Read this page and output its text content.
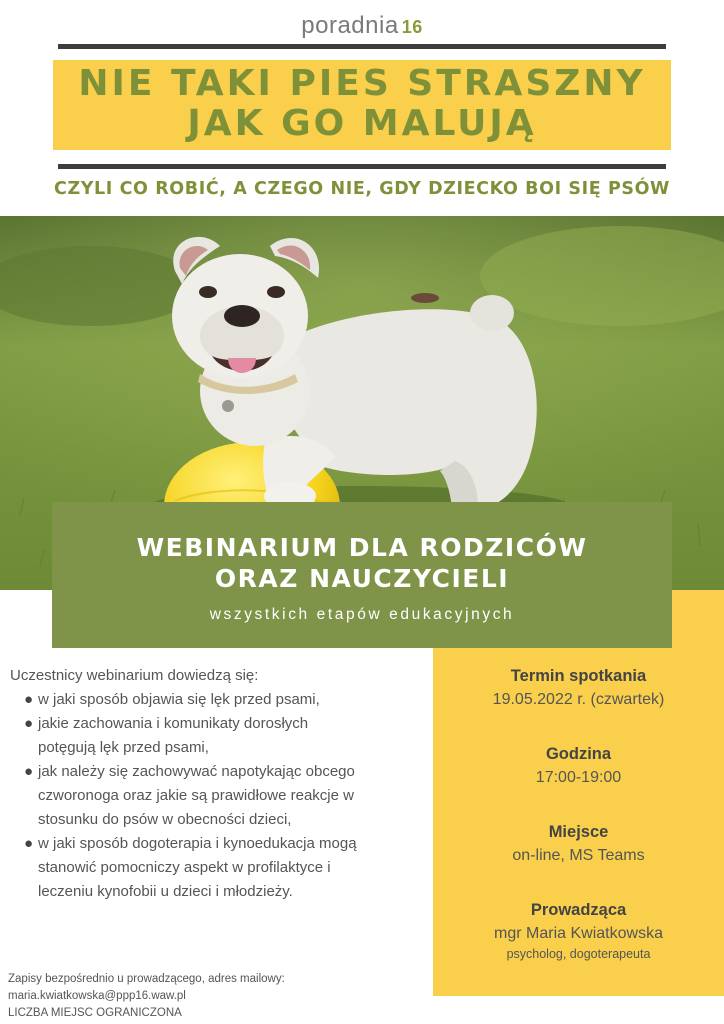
poradnia 16
NIE TAKI PIES STRASZNY
JAK GO MALUJĄ
CZYLI CO ROBIĆ, A CZEGO NIE, GDY DZIECKO BOI SIĘ PSÓW
WEBINARIUM DLA RODZICÓW
ORAZ NAUCZYCIELI
wszystkich etapów edukacyjnych
Uczestnicy webinarium dowiedzą się:
● w jaki sposób objawia się lęk przed psami,
● jakie zachowania i komunikaty dorosłych potęgują lęk przed psami,
● jak należy się zachowywać napotykając obcego czworonoga oraz jakie są prawidłowe reakcje w stosunku do psów w obecności dzieci,
● w jaki sposób dogoterapia i kynoedukacja mogą stanowić pomocniczy aspekt w profilaktyce i leczeniu kynofobii u dzieci i młodzieży.
Termin spotkania
19.05.2022 r. (czwartek)
Godzina
17:00-19:00
Miejsce
on-line, MS Teams
Prowadząca
mgr Maria Kwiatkowska
psycholog, dogoterapeuta
Zapisy bezpośrednio u prowadzącego, adres mailowy:
maria.kwiatkowska@ppp16.waw.pl
LICZBA MIEJSC OGRANICZONA
